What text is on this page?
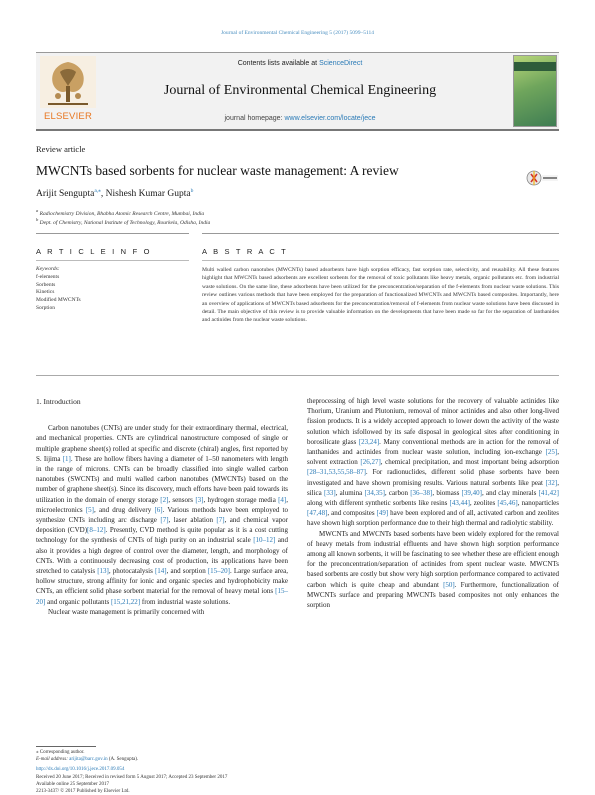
Journal of Environmental Chemical Engineering 5 (2017) 5099–5114
ELSEVIER
Contents lists available at ScienceDirect
Journal of Environmental Chemical Engineering
journal homepage: www.elsevier.com/locate/jece
Review article
MWCNTs based sorbents for nuclear waste management: A review
Arijit Sengupta$^{a,⁎}$, Nishesh Kumar Gupta$^b$
$^a$ Radiochemistry Division, Bhabha Atomic Research Centre, Mumbai, India
$^b$ Dept. of Chemistry, National Institute of Technology, Rourkela, Odisha, India
A R T I C L E I N F O	A B S T R A C T
Keywords:
f-elements
Sorbents
Kinetics
Modified MWCNTs
Sorption
Multi walled carbon nanotubes (MWCNTs) based adsorbents have high sorption efficacy, fast sorption rate, selectivity, and reusability. All these features highlight that MWCNTs based adsorbents are excellent sorbents for the removal of toxic pollutants like heavy metals, organic pollutants etc. from industrial waste solutions. On the same line, these adsorbents have been utilized for the preconcentration/separation of the f-elements from nuclear waste solutions. This review outlines various methods that have been employed for the preparation of functionalized MWCNTs and MWCNTs based composites. Importantly, here an overview of applications of MWCNTs based adsorbents for the preconcentration/removal of f-elements from nuclear waste solutions have been discussed in detail. The main objective of this review is to provide valuable information on the developments that have been made so far for the separation of lanthanides and actinides from the nuclear waste solutions.
1. Introduction

Carbon nanotubes (CNTs) are under study for their extraordinary thermal, electrical, and mechanical properties. CNTs are cylindrical nanostructure composed of single or multiple graphene sheet(s) rolled at specific and discrete (chiral) angles, first reported by S. Iijima [1]. These are hollow fibers having a diameter of 1–50 nanometers with length in the range of microns. CNTs can be broadly classified into single walled carbon nanotubes (SWCNTs) and multi walled carbon nanotubes (MWCNTs) based on the number of graphene sheet(s). Since its discovery, much efforts have been paid towards its utilization in the domain of energy storage [2], sensors [3], hydrogen storage media [4], microelectronics [5], and drug delivery [6]. Various methods have been employed to synthesize CNTs including arc discharge [7], laser ablation [7], and chemical vapor deposition (CVD)[8–12]. Presently, CVD method is quite popular as it is a cost cutting technology for the synthesis of CNTs of high purity on an industrial scale [10–12] and also it provides a high degree of control over the diameter, length, and morphology of CNTs. With a continuously decreasing cost of production, its applications have been stretched to catalysis [13], photocatalysis [14], and sorption [15–20]. Large surface area, hollow structure, strong affinity for ionic and organic species and hydrophobicity make CNTs, an efficient solid phase sorbent material for the removal of heavy metal ions [15–20] and organic pollutants [15,21,22] from industrial waste solutions.

Nuclear waste management is primarily concerned with

theprocessing of high level waste solutions for the recovery of valuable actinides like Thorium, Uranium and Plutonium, removal of minor actinides and also other long-lived fission products. It is a widely accepted approach to lower down the activity of the waste solution which isfollowed by its safe disposal in geological sites after conditioning in borosilicate glass [23,24]. Many conventional methods are in action for the removal of lanthanides and actinides from nuclear waste solution, including ion-exchange [25], solvent extraction [26,27], chemical precipitation, and most important being adsorption [28–31,53,55,58–87]. For radionuclides, different solid phase sorbents have been investigated and have shown promising results. Various natural sorbents like peat [32], silica [33], alumina [34,35], carbon [36–38], biomass [39,40], and clay minerals [41,42] along with different synthetic sorbents like resins [43,44], zeolites [45,46], nanoparticles [47,48], and composites [49] have been explored and of all, activated carbon and zeolites have shown high sorption performance due to their high thermal and radiolytic stability.

MWCNTs and MWCNTs based sorbents have been widely explored for the removal of heavy metals from industrial effluents and have shown high sorption performance among all known sorbents, it will be fascinating to see whether these are efficient enough for the preconcentration/separation of actinides from spent nuclear waste. MWCNTs based sorbents are costly but show very high sorption performance compared to activated carbon which is quite cheap and abundant [50]. Furthermore, functionalization of MWCNTs surface and preparing MWCNTs based composites not only enhances the sorption

⁎ Corresponding author.
E-mail address: arijita@barc.gov.in (A. Sengupta).
http://dx.doi.org/10.1016/j.jece.2017.09.054
Received 20 June 2017; Received in revised form 5 August 2017; Accepted 23 September 2017
Available online 25 September 2017
2213-3437/ © 2017 Published by Elsevier Ltd.
